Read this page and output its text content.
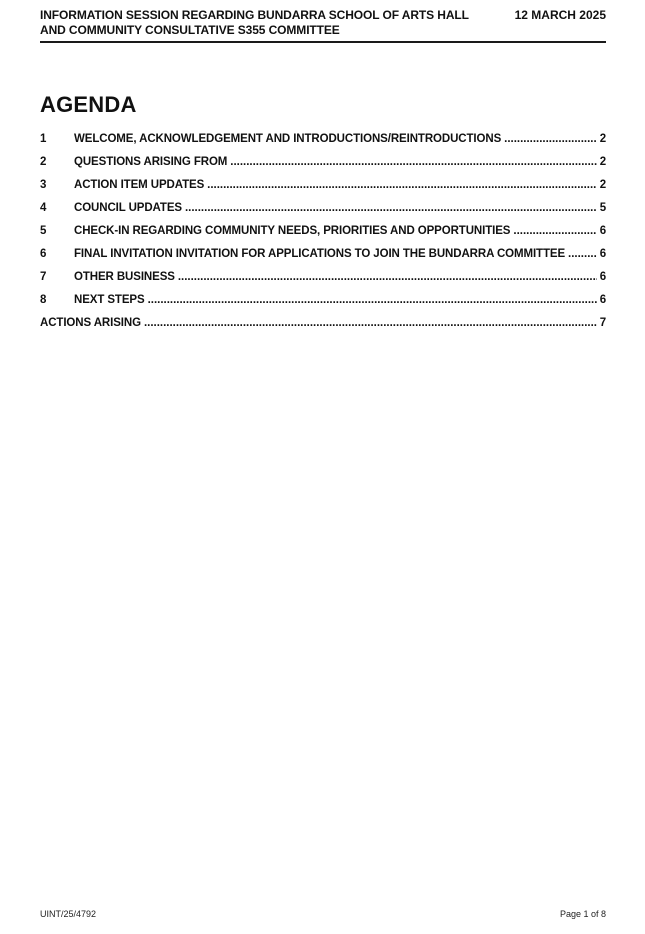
INFORMATION SESSION REGARDING BUNDARRA SCHOOL OF ARTS HALL AND COMMUNITY CONSULTATIVE S355 COMMITTEE
12 MARCH 2025
AGENDA
1	WELCOME, ACKNOWLEDGEMENT AND INTRODUCTIONS/REINTRODUCTIONS . . .	2
2	QUESTIONS ARISING FROM . . .	2
3	ACTION ITEM UPDATES . . .	2
4	COUNCIL UPDATES . . .	5
5	CHECK-IN REGARDING COMMUNITY NEEDS, PRIORITIES AND OPPORTUNITIES . . .	6
6	FINAL INVITATION INVITATION FOR APPLICATIONS TO JOIN THE BUNDARRA COMMITTEE . . .	6
7	OTHER BUSINESS . . .	6
8	NEXT STEPS . . .	6
ACTIONS ARISING . . .	7
UINT/25/4792	Page 1 of 8
